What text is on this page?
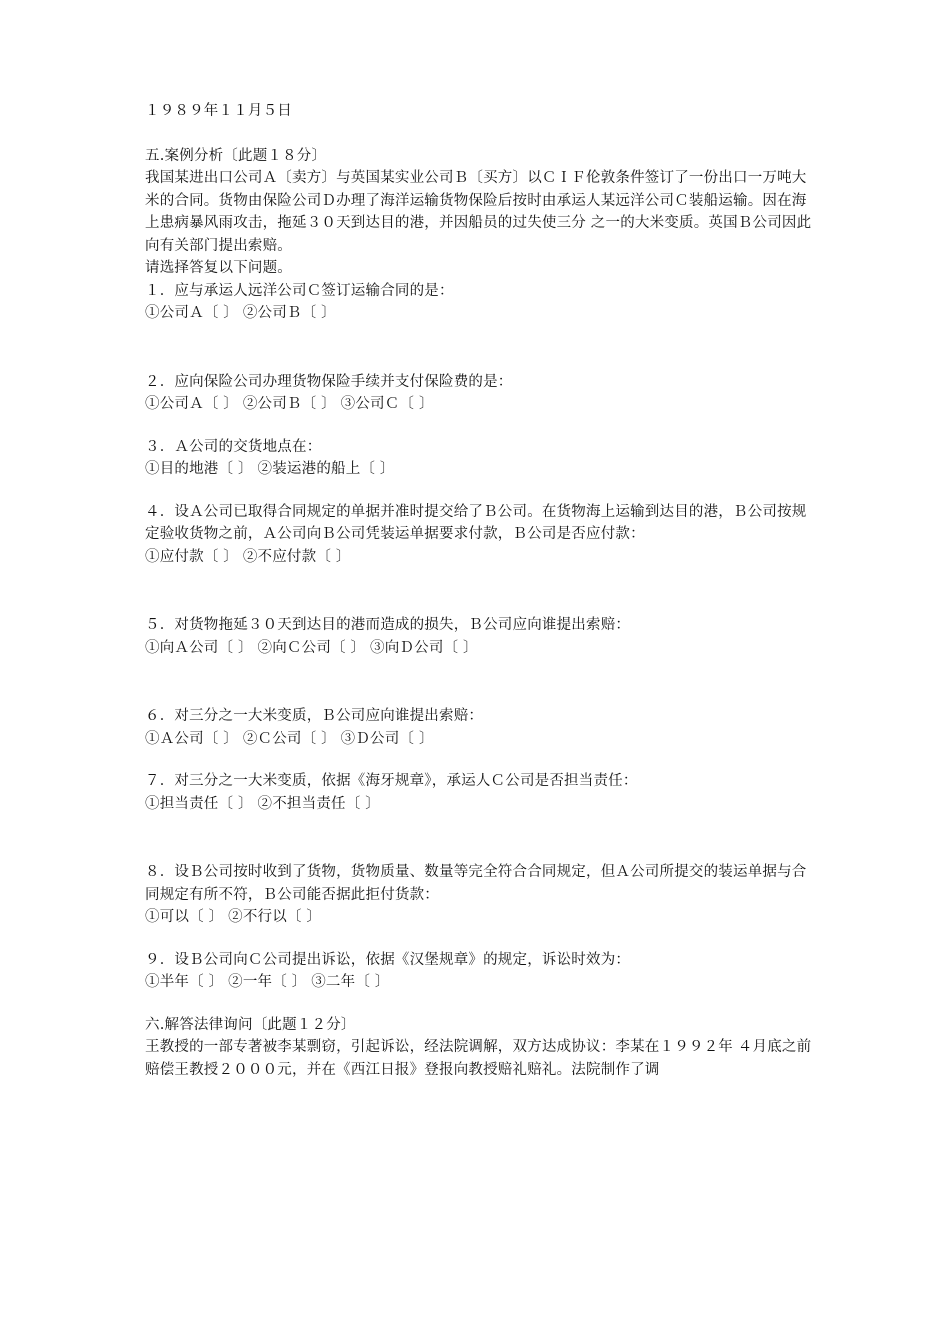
１９８９年１１月５日
五.案例分析〔此题１８分〕
我国某进出口公司Ａ〔卖方〕与英国某实业公司Ｂ〔买方〕以ＣＩＦ伦敦条件签订了一份出口一万吨大米的合同。货物由保险公司Ｄ办理了海洋运输货物保险后按时由承运人某远洋公司Ｃ装船运输。因在海上患病暴风雨攻击，拖延３０天到达目的港，并因船员的过失使三分 之一的大米变质。英国Ｂ公司因此向有关部门提出索赔。
请选择答复以下问题。
１．应与承运人远洋公司Ｃ签订运输合同的是：
①公司Ａ〔 〕 ②公司Ｂ〔 〕
２．应向保险公司办理货物保险手续并支付保险费的是：
①公司Ａ〔 〕 ②公司Ｂ〔 〕 ③公司Ｃ〔 〕
３．Ａ公司的交货地点在：
①目的地港〔 〕 ②装运港的船上〔 〕
４．设Ａ公司已取得合同规定的单据并准时提交给了Ｂ公司。在货物海上运输到达目的港，Ｂ公司按规定验收货物之前，Ａ公司向Ｂ公司凭装运单据要求付款，Ｂ公司是否应付款：
①应付款〔 〕 ②不应付款〔 〕
５．对货物拖延３０天到达目的港而造成的损失，Ｂ公司应向谁提出索赔：
①向Ａ公司〔 〕 ②向Ｃ公司〔 〕 ③向Ｄ公司〔 〕
６．对三分之一大米变质，Ｂ公司应向谁提出索赔：
①Ａ公司〔 〕 ②Ｃ公司〔 〕 ③Ｄ公司〔 〕
７．对三分之一大米变质，依据《海牙规章》，承运人Ｃ公司是否担当责任：
①担当责任〔 〕 ②不担当责任〔 〕
８．设Ｂ公司按时收到了货物，货物质量、数量等完全符合合同规定，但Ａ公司所提交的装运单据与合同规定有所不符，Ｂ公司能否据此拒付货款：
①可以〔 〕 ②不行以〔 〕
９．设Ｂ公司向Ｃ公司提出诉讼，依据《汉堡规章》的规定，诉讼时效为：
①半年〔 〕 ②一年〔 〕 ③二年〔 〕
六.解答法律询问〔此题１２分〕
王教授的一部专著被李某剽窃，引起诉讼，经法院调解，双方达成协议：李某在１９９２年 ４月底之前赔偿王教授２０００元，并在《西江日报》登报向教授赔礼赔礼。法院制作了调
